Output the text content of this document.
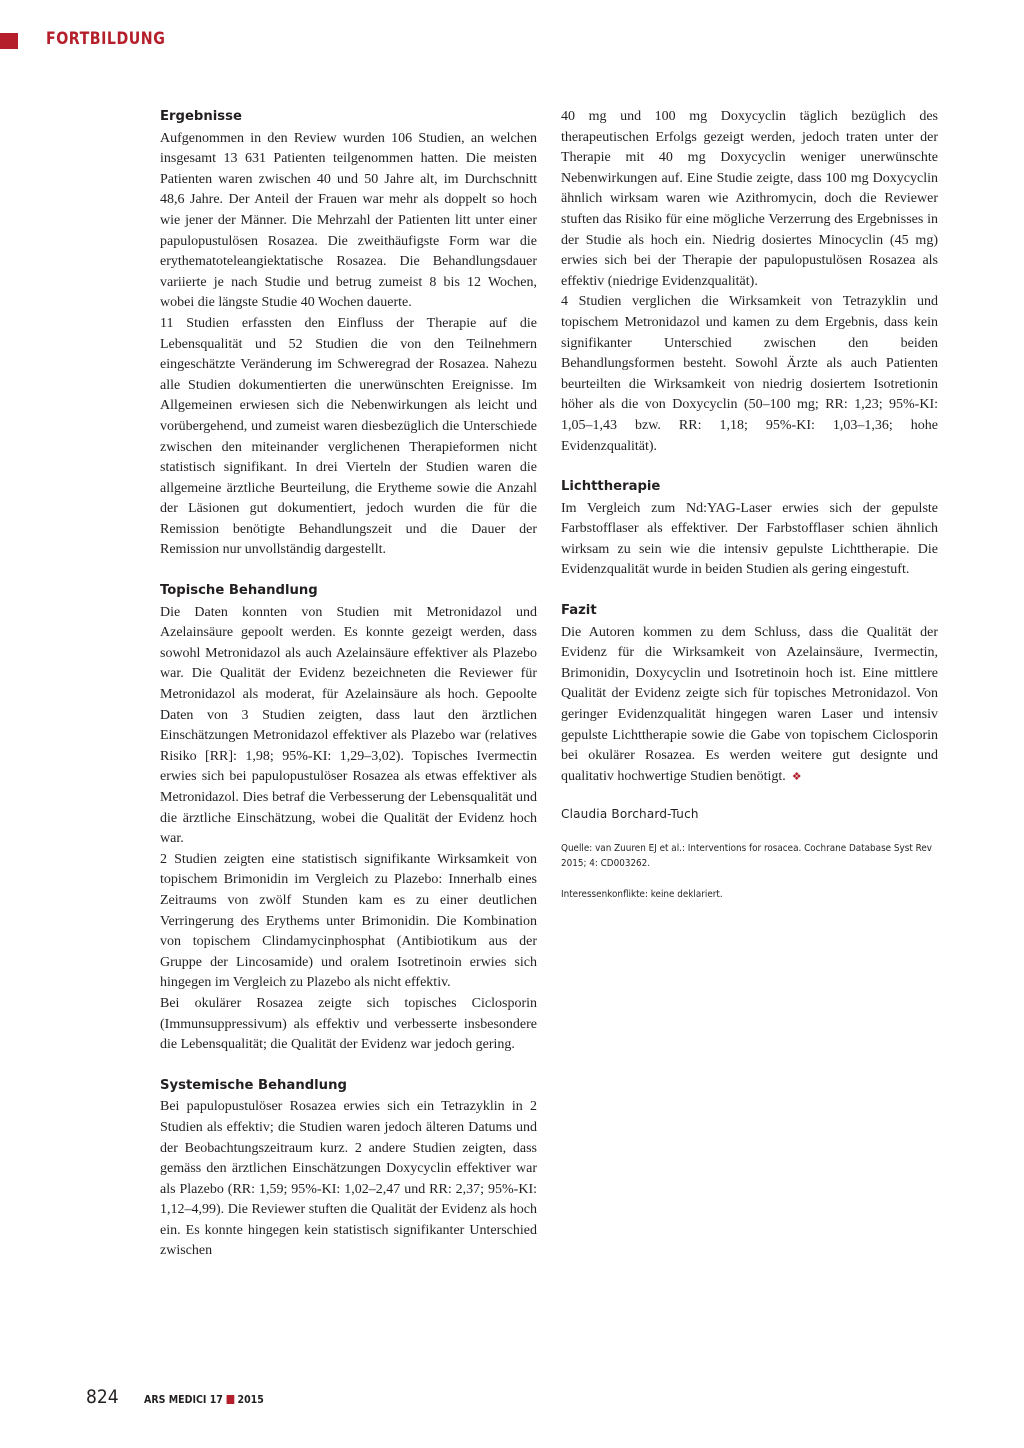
FORTBILDUNG
Ergebnisse

Aufgenommen in den Review wurden 106 Studien, an welchen insgesamt 13 631 Patienten teilgenommen hatten. Die meisten Patienten waren zwischen 40 und 50 Jahre alt, im Durchschnitt 48,6 Jahre. Der Anteil der Frauen war mehr als doppelt so hoch wie jener der Männer. Die Mehrzahl der Patienten litt unter einer papulopustulösen Rosazea. Die zweithäufigste Form war die erythematoteleangiektatische Rosazea. Die Behandlungsdauer variierte je nach Studie und betrug zumeist 8 bis 12 Wochen, wobei die längste Studie 40 Wochen dauerte.

11 Studien erfassten den Einfluss der Therapie auf die Lebensqualität und 52 Studien die von den Teilnehmern eingeschätzte Veränderung im Schweregrad der Rosazea. Nahezu alle Studien dokumentierten die unerwünschten Ereignisse. Im Allgemeinen erwiesen sich die Nebenwirkungen als leicht und vorübergehend, und zumeist waren diesbezüglich die Unterschiede zwischen den miteinander verglichenen Therapieformen nicht statistisch signifikant. In drei Vierteln der Studien waren die allgemeine ärztliche Beurteilung, die Erytheme sowie die Anzahl der Läsionen gut dokumentiert, jedoch wurden die für die Remission benötigte Behandlungszeit und die Dauer der Remission nur unvollständig dargestellt.

Topische Behandlung

Die Daten konnten von Studien mit Metronidazol und Azelainsäure gepoolt werden. Es konnte gezeigt werden, dass sowohl Metronidazol als auch Azelainsäure effektiver als Plazebo war. Die Qualität der Evidenz bezeichneten die Reviewer für Metronidazol als moderat, für Azelainsäure als hoch. Gepoolte Daten von 3 Studien zeigten, dass laut den ärztlichen Einschätzungen Metronidazol effektiver als Plazebo war (relatives Risiko [RR]: 1,98; 95%-KI: 1,29–3,02). Topisches Ivermectin erwies sich bei papulopustulöser Rosazea als etwas effektiver als Metronidazol. Dies betraf die Verbesserung der Lebensqualität und die ärztliche Einschätzung, wobei die Qualität der Evidenz hoch war.

2 Studien zeigten eine statistisch signifikante Wirksamkeit von topischem Brimonidin im Vergleich zu Plazebo: Innerhalb eines Zeitraums von zwölf Stunden kam es zu einer deutlichen Verringerung des Erythems unter Brimonidin. Die Kombination von topischem Clindamycinphosphat (Antibiotikum aus der Gruppe der Lincosamide) und oralem Isotretinoin erwies sich hingegen im Vergleich zu Plazebo als nicht effektiv.

Bei okulärer Rosazea zeigte sich topisches Ciclosporin (Immunsuppressivum) als effektiv und verbesserte insbesondere die Lebensqualität; die Qualität der Evidenz war jedoch gering.

Systemische Behandlung

Bei papulopustulöser Rosazea erwies sich ein Tetrazyklin in 2 Studien als effektiv; die Studien waren jedoch älteren Datums und der Beobachtungszeitraum kurz. 2 andere Studien zeigten, dass gemäss den ärztlichen Einschätzungen Doxycyclin effektiver war als Plazebo (RR: 1,59; 95%-KI: 1,02–2,47 und RR: 2,37; 95%-KI: 1,12–4,99). Die Reviewer stuften die Qualität der Evidenz als hoch ein. Es konnte hingegen kein statistisch signifikanter Unterschied zwischen

40 mg und 100 mg Doxycyclin täglich bezüglich des therapeutischen Erfolgs gezeigt werden, jedoch traten unter der Therapie mit 40 mg Doxycyclin weniger unerwünschte Nebenwirkungen auf. Eine Studie zeigte, dass 100 mg Doxycyclin ähnlich wirksam waren wie Azithromycin, doch die Reviewer stuften das Risiko für eine mögliche Verzerrung des Ergebnisses in der Studie als hoch ein. Niedrig dosiertes Minocyclin (45 mg) erwies sich bei der Therapie der papulopustulösen Rosazea als effektiv (niedrige Evidenzqualität).

4 Studien verglichen die Wirksamkeit von Tetrazyklin und topischem Metronidazol und kamen zu dem Ergebnis, dass kein signifikanter Unterschied zwischen den beiden Behandlungsformen besteht. Sowohl Ärzte als auch Patienten beurteilten die Wirksamkeit von niedrig dosiertem Isotretionin höher als die von Doxycyclin (50–100 mg; RR: 1,23; 95%-KI: 1,05–1,43 bzw. RR: 1,18; 95%-KI: 1,03–1,36; hohe Evidenzqualität).

Lichttherapie

Im Vergleich zum Nd:YAG-Laser erwies sich der gepulste Farbstofflaser als effektiver. Der Farbstofflaser schien ähnlich wirksam zu sein wie die intensiv gepulste Lichttherapie. Die Evidenzqualität wurde in beiden Studien als gering eingestuft.

Fazit

Die Autoren kommen zu dem Schluss, dass die Qualität der Evidenz für die Wirksamkeit von Azelainsäure, Ivermectin, Brimonidin, Doxycyclin und Isotretinoin hoch ist. Eine mittlere Qualität der Evidenz zeigte sich für topisches Metronidazol. Von geringer Evidenzqualität hingegen waren Laser und intensiv gepulste Lichttherapie sowie die Gabe von topischem Ciclosporin bei okulärer Rosazea. Es werden weitere gut designte und qualitativ hochwertige Studien benötigt. ❖

Claudia Borchard-Tuch
Quelle: van Zuuren EJ et al.: Interventions for rosacea. Cochrane Database Syst Rev 2015; 4: CD003262.
Interessenkonflikte: keine deklariert.
824	ARS MEDICI 17 2015
